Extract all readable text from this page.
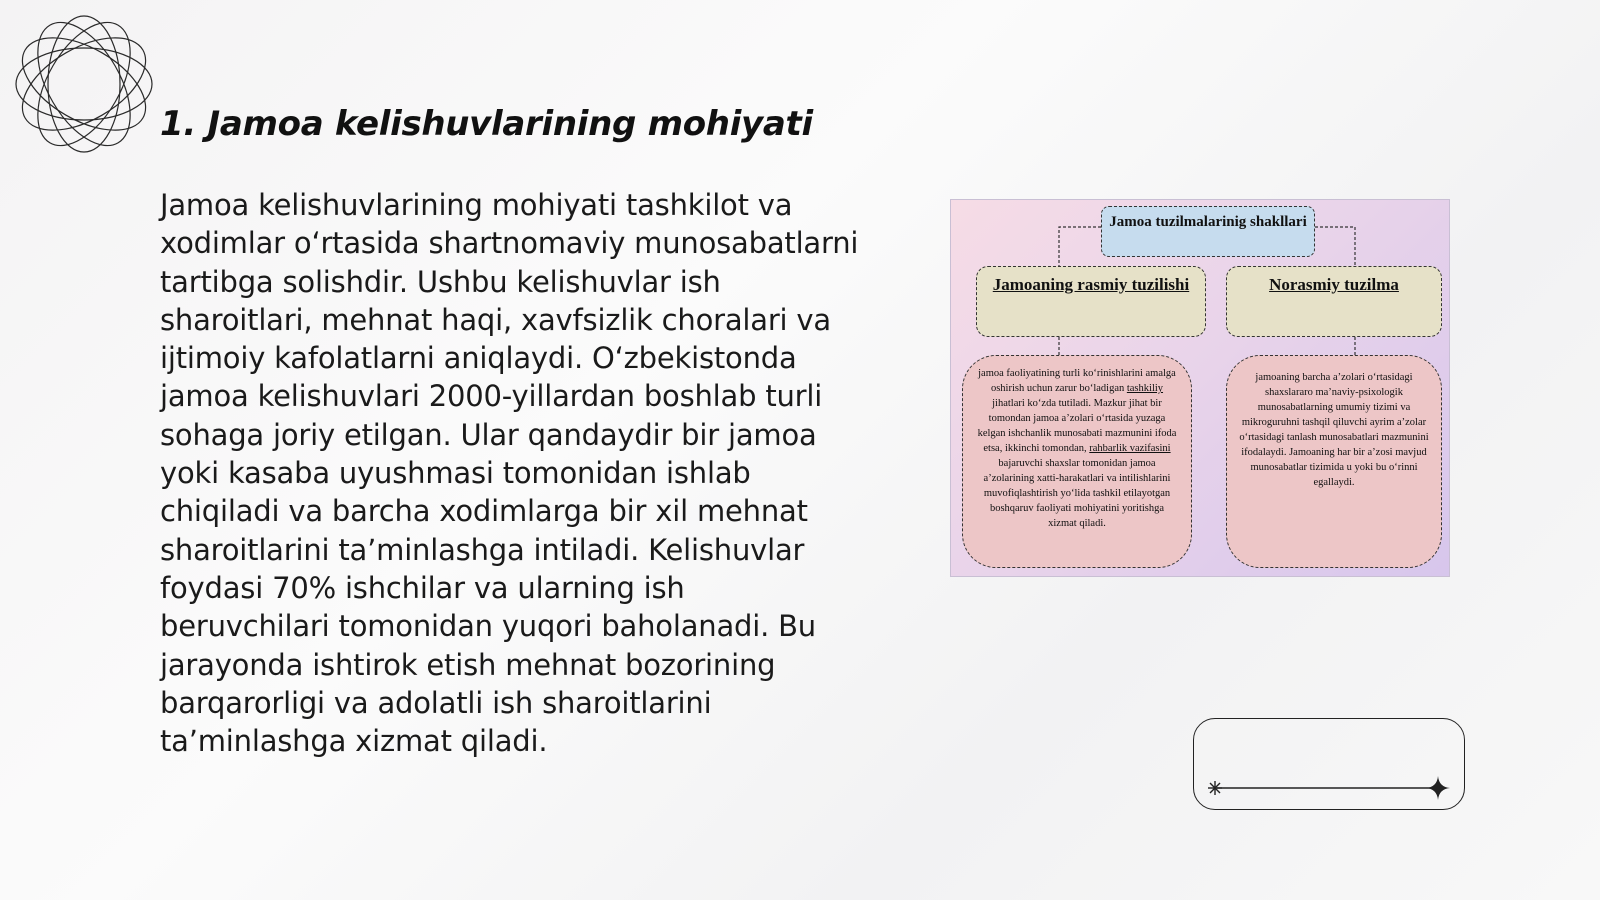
1. Jamoa kelishuvlarining mohiyati

Jamoa kelishuvlarining mohiyati tashkilot va xodimlar o‘rtasida shartnomaviy munosabatlarni tartibga solishdir. Ushbu kelishuvlar ish sharoitlari, mehnat haqi, xavfsizlik choralari va ijtimoiy kafolatlarni aniqlaydi. O‘zbekistonda jamoa kelishuvlari 2000-yillardan boshlab turli sohaga joriy etilgan. Ular qandaydir bir jamoa yoki kasaba uyushmasi tomonidan ishlab chiqiladi va barcha xodimlarga bir xil mehnat sharoitlarini ta’minlashga intiladi. Kelishuvlar foydasi 70% ishchilar va ularning ish beruvchilari tomonidan yuqori baholanadi. Bu jarayonda ishtirok etish mehnat bozorining barqarorligi va adolatli ish sharoitlarini ta’minlashga xizmat qiladi.

Jamoa tuzilmalarinig shakllari
Jamoaning rasmiy tuzilishi	Norasmiy tuzilma
jamoa faoliyatining turli ko‘rinishlarini amalga oshirish uchun zarur bo‘ladigan tashkiliy jihatlari ko‘zda tutiladi. Mazkur jihat bir tomondan jamoa a’zolari o‘rtasida yuzaga kelgan ishchanlik munosabati mazmunini ifoda etsa, ikkinchi tomondan, rahbarlik vazifasini bajaruvchi shaxslar tomonidan jamoa a’zolarining xatti-harakatlari va intilishlarini muvofiqlashtirish yo‘lida tashkil etilayotgan boshqaruv faoliyati mohiyatini yoritishga xizmat qiladi.
jamoaning barcha a’zolari o‘rtasidagi shaxslararo ma’naviy-psixologik munosabatlarning umumiy tizimi va mikroguruhni tashqil qiluvchi ayrim a’zolar o‘rtasidagi tanlash munosabatlari mazmunini ifodalaydi. Jamoaning har bir a’zosi mavjud munosabatlar tizimida u yoki bu o‘rinni egallaydi.
